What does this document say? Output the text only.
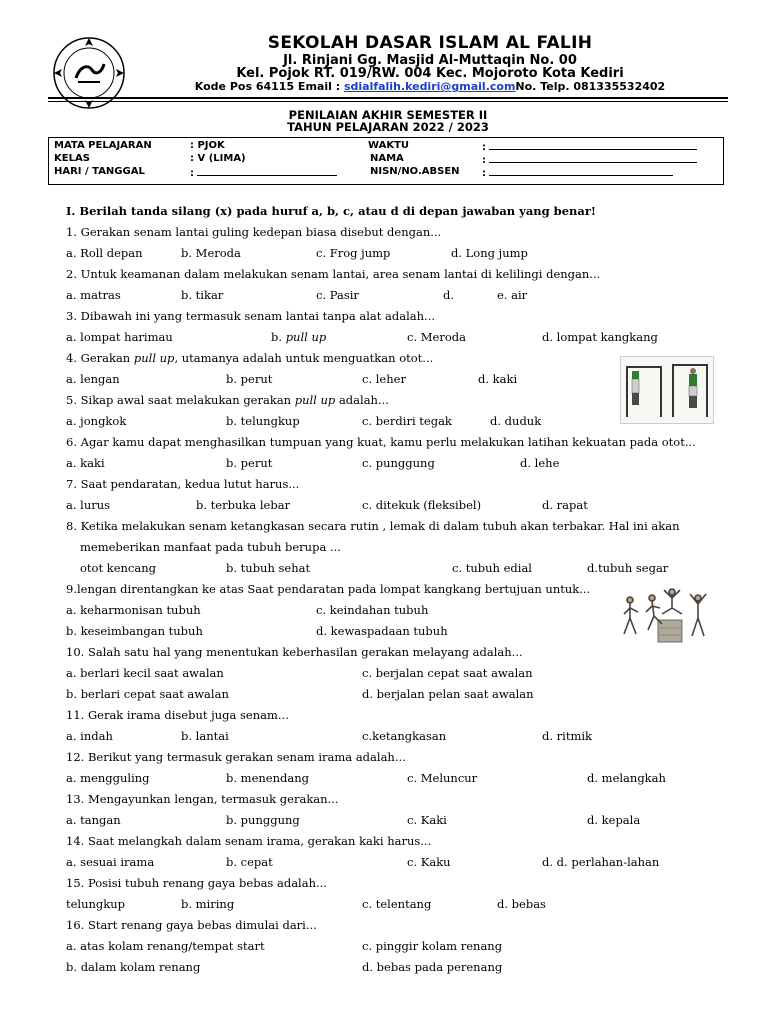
SEKOLAH DASAR ISLAM AL FALIH
Jl. Rinjani Gg. Masjid Al-Muttaqin No. 00
Kel. Pojok RT. 019/RW. 004 Kec. Mojoroto Kota Kediri
Kode Pos 64115 Email : sdialfalih.kediri@gmail.comNo. Telp. 081335532402
PENILAIAN AKHIR SEMESTER II
TAHUN PELAJARAN 2022 / 2023
MATA PELAJARAN	: PJOK
KELAS	: V (LIMA)
HARI / TANGGAL	:
WAKTU	:
NAMA	:
NISN/NO.ABSEN :
I. Berilah tanda silang (x) pada huruf a, b, c, atau d di depan jawaban yang benar!
1. Gerakan senam lantai guling kedepan biasa disebut dengan...
a. Roll depan	b. Meroda	c. Frog jump	d. Long jump
2. Untuk keamanan dalam melakukan senam lantai, area senam lantai di kelilingi dengan...
a. matras	b. tikar	c. Pasir	d.	e. air
3. Dibawah ini yang termasuk senam lantai tanpa alat adalah...
a. lompat harimau	b. pull up	c. Meroda	d. lompat kangkang
4. Gerakan pull up, utamanya adalah untuk menguatkan otot...
a. lengan	b. perut	c. leher	d. kaki
5. Sikap awal saat melakukan gerakan pull up adalah...
a. jongkok	b. telungkup	c. berdiri tegak	d. duduk
6. Agar kamu dapat menghasilkan tumpuan yang kuat, kamu perlu melakukan latihan kekuatan pada otot...
a. kaki	b. perut	c. punggung	d. lehe
7. Saat pendaratan, kedua lutut harus...
a. lurus	b. terbuka lebar	c. ditekuk (fleksibel)	d. rapat
8. Ketika melakukan senam ketangkasan secara rutin , lemak di dalam tubuh akan terbakar. Hal ini akan
memeberikan manfaat pada tubuh berupa ...
otot kencang	b. tubuh sehat	c. tubuh edial	d.tubuh segar
9.lengan direntangkan ke atas Saat pendaratan pada lompat kangkang bertujuan untuk...
a. keharmonisan tubuh	c. keindahan tubuh
b. keseimbangan tubuh	d. kewaspadaan tubuh
10. Salah satu hal yang menentukan keberhasilan gerakan melayang adalah...
a. berlari kecil saat awalan	c. berjalan cepat saat awalan
b. berlari cepat saat awalan	d. berjalan pelan saat awalan
11. Gerak irama disebut juga senam...
a. indah	b. lantai	c.ketangkasan	d. ritmik
12. Berikut yang termasuk gerakan senam irama adalah...
a. mengguling	b. menendang	c. Meluncur	d. melangkah
13. Mengayunkan lengan, termasuk gerakan...
a. tangan	b. punggung	c. Kaki	d. kepala
14. Saat melangkah dalam senam irama, gerakan kaki harus...
a. sesuai irama	b. cepat	c. Kaku	d. d. perlahan-lahan
15. Posisi tubuh renang gaya bebas adalah...
telungkup	b. miring	c. telentang	d. bebas
16. Start renang gaya bebas dimulai dari...
a. atas kolam renang/tempat start	c. pinggir kolam renang
b. dalam kolam renang	d. bebas pada perenang
